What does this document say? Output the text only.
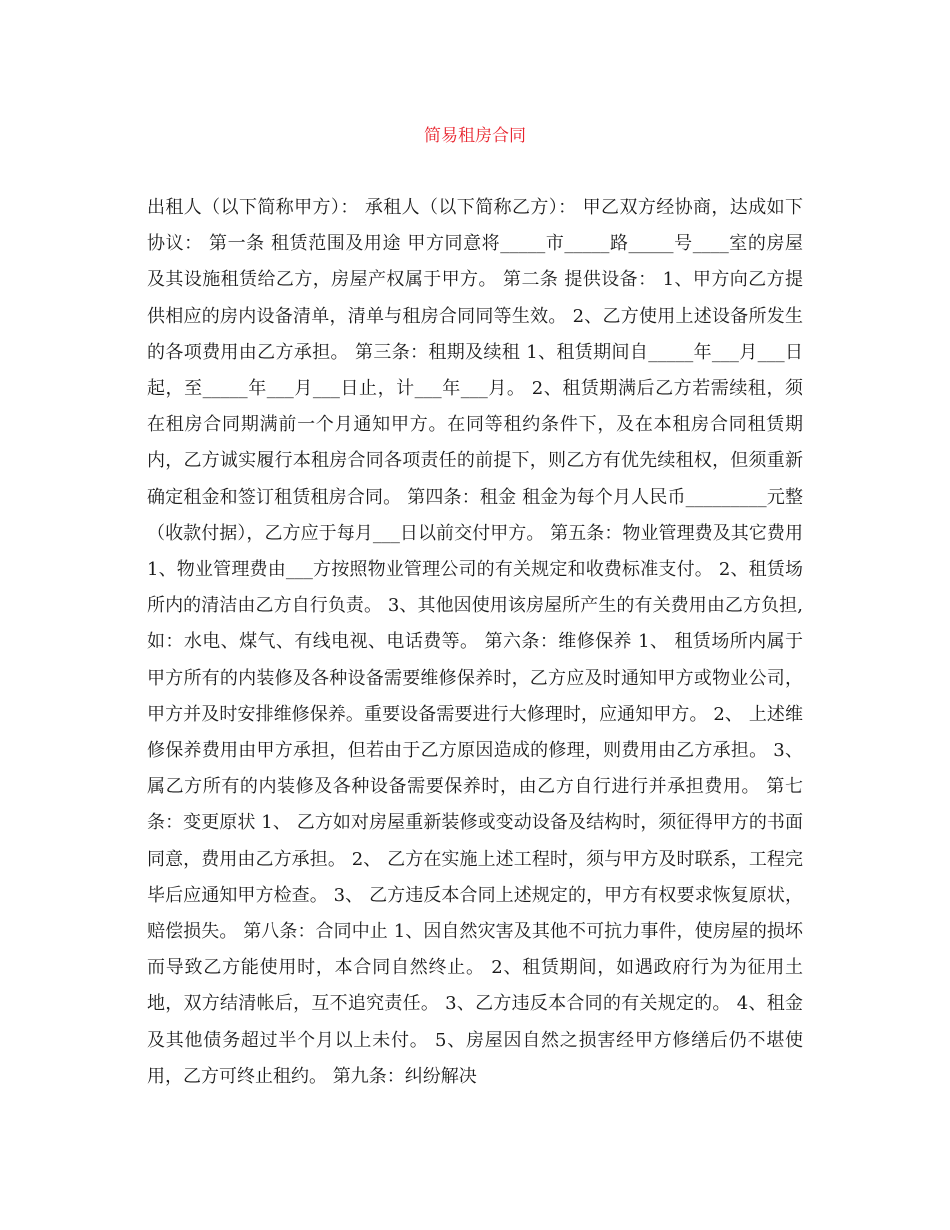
简易租房合同

出租人（以下简称甲方）： 承租人（以下简称乙方）： 甲乙双方经协商，达成如下协议： 第一条 租赁范围及用途 甲方同意将_____市_____路_____号____室的房屋及其设施租赁给乙方，房屋产权属于甲方。 第二条 提供设备： 1、甲方向乙方提供相应的房内设备清单，清单与租房合同同等生效。 2、乙方使用上述设备所发生的各项费用由乙方承担。 第三条：租期及续租 1、租赁期间自_____年___月___日起，至_____年___月___日止，计___年___月。 2、租赁期满后乙方若需续租，须在租房合同期满前一个月通知甲方。在同等租约条件下，及在本租房合同租赁期内，乙方诚实履行本租房合同各项责任的前提下，则乙方有优先续租权，但须重新确定租金和签订租赁租房合同。 第四条：租金 租金为每个月人民币_________元整（收款付据），乙方应于每月___日以前交付甲方。 第五条：物业管理费及其它费用 1、物业管理费由___方按照物业管理公司的有关规定和收费标准支付。 2、租赁场所内的清洁由乙方自行负责。 3、其他因使用该房屋所产生的有关费用由乙方负担,如：水电、煤气、有线电视、电话费等。 第六条：维修保养 1、 租赁场所内属于甲方所有的内装修及各种设备需要维修保养时，乙方应及时通知甲方或物业公司，甲方并及时安排维修保养。重要设备需要进行大修理时，应通知甲方。 2、 上述维修保养费用由甲方承担，但若由于乙方原因造成的修理，则费用由乙方承担。 3、 属乙方所有的内装修及各种设备需要保养时，由乙方自行进行并承担费用。 第七条：变更原状 1、 乙方如对房屋重新装修或变动设备及结构时，须征得甲方的书面同意，费用由乙方承担。 2、 乙方在实施上述工程时，须与甲方及时联系，工程完毕后应通知甲方检查。 3、 乙方违反本合同上述规定的，甲方有权要求恢复原状，赔偿损失。 第八条：合同中止 1、因自然灾害及其他不可抗力事件，使房屋的损坏而导致乙方能使用时，本合同自然终止。 2、租赁期间，如遇政府行为为征用土地，双方结清帐后，互不追究责任。 3、乙方违反本合同的有关规定的。 4、租金及其他债务超过半个月以上未付。 5、房屋因自然之损害经甲方修缮后仍不堪使用，乙方可终止租约。 第九条：纠纷解决
